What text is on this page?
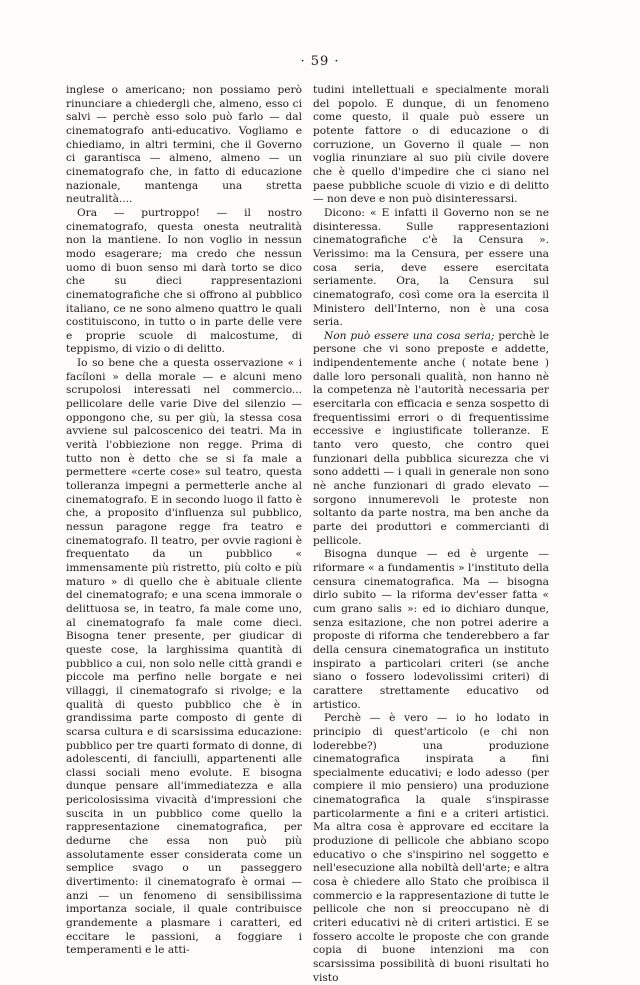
· 59 ·

inglese o americano; non possiamo però rinunciare a chiedergli che, almeno, esso ci salvi — perchè esso solo può farlo — dal cinematografo anti-educativo. Vogliamo e chiediamo, in altri termini, che il Governo ci garantisca — almeno, almeno — un cinematografo che, in fatto di educazione nazionale, mantenga una stretta neutralità....

Ora — purtroppo! — il nostro cinematografo, questa onesta neutralità non la mantiene. Io non voglio in nessun modo esagerare; ma credo che nessun uomo di buon senso mi darà torto se dico che su dieci rappresentazioni cinematografiche che si offrono al pubblico italiano, ce ne sono almeno quattro le quali costituiscono, in tutto o in parte delle vere e proprie scuole di malcostume, di teppismo, di vizio o di delitto.

Io so bene che a questa osservazione « i facíloni » della morale — e alcuni meno scrupolosi interessati nel commercio... pellicolare delle varie Dive del silenzio — oppongono che, su per giù, la stessa cosa avviene sul palcoscenico dei teatri. Ma in verità l'obbiezione non regge. Prima di tutto non è detto che se si fa male a permettere «certe cose» sul teatro, questa tolleranza impegni a permetterle anche al cinematografo. E in secondo luogo il fatto è che, a proposito d'influenza sul pubblico, nessun paragone regge fra teatro e cinematografo. Il teatro, per ovvie ragioni è frequentato da un pubblico « immensamente più ristretto, più colto e più maturo » di quello che è abituale cliente del cinematografo; e una scena immorale o delittuosa se, in teatro, fa male come uno, al cinematografo fa male come dieci. Bisogna tener presente, per giudicar di queste cose, la larghissima quantità di pubblico a cui, non solo nelle città grandi e piccole ma perfino nelle borgate e nei villaggi, il cinematografo si rivolge; e la qualità di questo pubblico che è in grandissima parte composto di gente di scarsa cultura e di scarsissima educazione: pubblico per tre quarti formato di donne, di adolescenti, di fanciulli, appartenenti alle classi sociali meno evolute. E bisogna dunque pensare all'immediatezza e alla pericolosissima vivacità d'impressioni che suscita in un pubblico come quello la rappresentazione cinematografica, per dedurne che essa non può più assolutamente esser considerata come un semplice svago o un passeggero divertimento: il cinematografo è ormai — anzi — un fenomeno di sensibilissima importanza sociale, il quale contribuisce grandemente a plasmare i caratteri, ed eccitare le passioni, a foggiare i temperamenti e le atti-

tudini intellettuali e specialmente morali del popolo. E dunque, di un fenomeno come questo, il quale può essere un potente fattore o di educazione o di corruzione, un Governo il quale — non voglia rinunziare al suo più civile dovere che è quello d'impedire che ci siano nel paese pubbliche scuole di vizio e di delitto — non deve e non può disinteressarsi.

Dicono: « E infatti il Governo non se ne disinteressa. Sulle rappresentazioni cinematografiche c'è la Censura ». Verissimo: ma la Censura, per essere una cosa seria, deve essere esercitata seriamente. Ora, la Censura sul cinematografo, così come ora la esercita il Ministero dell'Interno, non è una cosa seria.

Non può essere una cosa seria; perchè le persone che vi sono preposte e addette, indipendentemente anche ( notate bene ) dalle loro personali qualità, non hanno nè la competenza nè l'autorità necessaria per esercitarla con efficacia e senza sospetto di frequentissimi errori o di frequentissime eccessive e ingiustificate tolleranze. E tanto vero questo, che contro quei funzionari della pubblica sicurezza che vi sono addetti — i quali in generale non sono nè anche funzionari di grado elevato — sorgono innumerevoli le proteste non soltanto da parte nostra, ma ben anche da parte dei produttori e commercianti di pellicole.

Bisogna dunque — ed è urgente — riformare « a fundamentis » l'instituto della censura cinematografica. Ma — bisogna dirlo subito — la riforma dev'esser fatta « cum grano salis »: ed io dichiaro dunque, senza esitazione, che non potrei aderire a proposte di riforma che tenderebbero a far della censura cinematografica un instituto inspirato a particolari criteri (se anche siano o fossero lodevolissimi criteri) di carattere strettamente educativo od artistico.

Perchè — è vero — io ho lodato in principio di quest'articolo (e chi non loderebbe?) una produzione cinematografica inspirata a fini specialmente educativi; e lodo adesso (per compiere il mio pensiero) una produzione cinematografica la quale s'inspirasse particolarmente a fini e a criteri artistici. Ma altra cosa è approvare ed eccitare la produzione di pellicole che abbiano scopo educativo o che s'inspirino nel soggetto e nell'esecuzione alla nobiltà dell'arte; e altra cosa è chiedere allo Stato che proibisca il commercio e la rappresentazione di tutte le pellicole che non si preoccupano nè di criteri educativi nè di criteri artistici. E se fossero accolte le proposte che con grande copia di buone intenzioni ma con scarsissima possibilità di buoni risultati ho visto
